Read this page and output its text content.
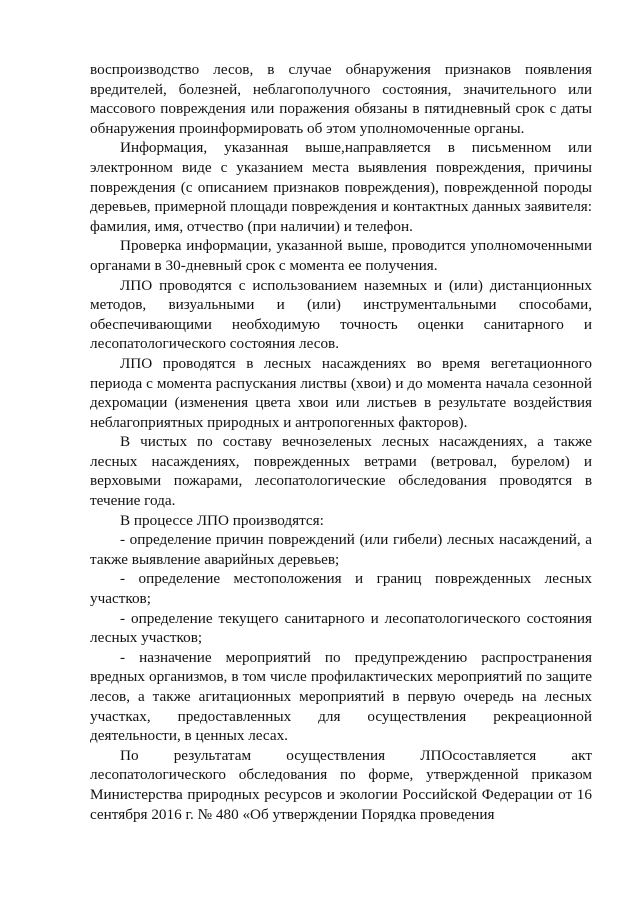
воспроизводство лесов, в случае обнаружения признаков появления вредителей, болезней, неблагополучного состояния, значительного или массового повреждения или поражения обязаны в пятидневный срок с даты обнаружения проинформировать об этом уполномоченные органы.

Информация, указанная выше,направляется в письменном или электронном виде с указанием места выявления повреждения, причины повреждения (с описанием признаков повреждения), поврежденной породы деревьев, примерной площади повреждения и контактных данных заявителя: фамилия, имя, отчество (при наличии) и телефон.

Проверка информации, указанной выше, проводится уполномоченными органами в 30-дневный срок с момента ее получения.

ЛПО проводятся с использованием наземных и (или) дистанционных методов, визуальными и (или) инструментальными способами, обеспечивающими необходимую точность оценки санитарного и лесопатологического состояния лесов.

ЛПО проводятся в лесных насаждениях во время вегетационного периода с момента распускания листвы (хвои) и до момента начала сезонной дехромации (изменения цвета хвои или листьев в результате воздействия неблагоприятных природных и антропогенных факторов).

В чистых по составу вечнозеленых лесных насаждениях, а также лесных насаждениях, поврежденных ветрами (ветровал, бурелом) и верховыми пожарами, лесопатологические обследования проводятся в течение года.

В процессе ЛПО производятся:

- определение причин повреждений (или гибели) лесных насаждений, а также выявление аварийных деревьев;

- определение местоположения и границ поврежденных лесных участков;

- определение текущего санитарного и лесопатологического состояния лесных участков;

- назначение мероприятий по предупреждению распространения вредных организмов, в том числе профилактических мероприятий по защите лесов, а также агитационных мероприятий в первую очередь на лесных участках, предоставленных для осуществления рекреационной деятельности, в ценных лесах.

По результатам осуществления ЛПОсоставляется акт лесопатологического обследования по форме, утвержденной приказом Министерства природных ресурсов и экологии Российской Федерации от 16 сентября 2016 г. № 480 «Об утверждении Порядка проведения
